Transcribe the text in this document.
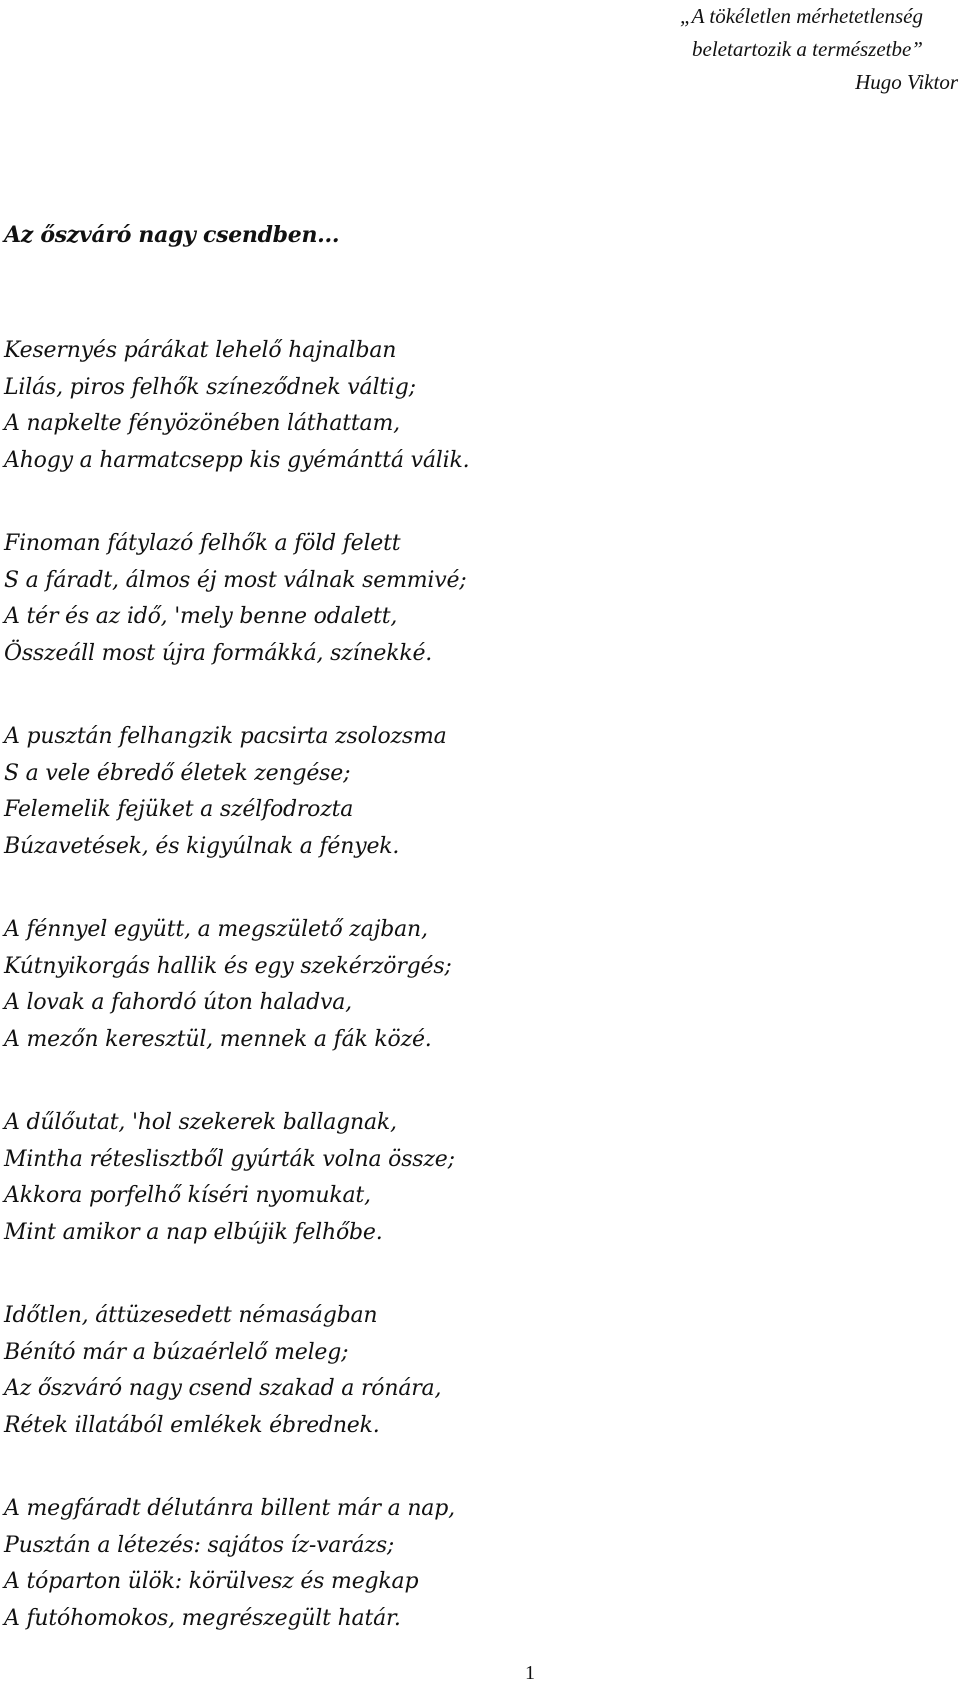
„A tökéletlen mérhetetlenség
beletartozik a természetbe”
Hugo Viktor
Az őszváró nagy csendben...
Kesernyés párákat lehelő hajnalban
Lilás, piros felhők színeződnek váltig;
A napkelte fényözönében láthattam,
Ahogy a harmatcsepp kis gyémánttá válik.
Finoman fátylazó felhők a föld felett
S a fáradt, álmos éj most válnak semmivé;
A tér és az idő, 'mely benne odalett,
Összeáll most újra formákká, színekké.
A pusztán felhangzik pacsirta zsolozsma
S a vele ébredő életek zengése;
Felemelik fejüket a szélfodrozta
Búzavetések, és kigyúlnak a fények.
A fénnyel együtt, a megszülető zajban,
Kútnyikorgás hallik és egy szekérzörgés;
A lovak a fahordó úton haladva,
A mezőn keresztül, mennek a fák közé.
A dűlőutat, 'hol szekerek ballagnak,
Mintha réteslisztből gyúrták volna össze;
Akkora porfelhő kíséri nyomukat,
Mint amikor a nap elbújik felhőbe.
Időtlen, áttüzesedett némaságban
Bénító már a búzaérlelő meleg;
Az őszváró nagy csend szakad a rónára,
Rétek illatából emlékek ébrednek.
A megfáradt délutánra billent már a nap,
Pusztán a létezés: sajátos íz-varázs;
A tóparton ülök: körülvesz és megkap
A futóhomokos, megrészegült határ.
1
